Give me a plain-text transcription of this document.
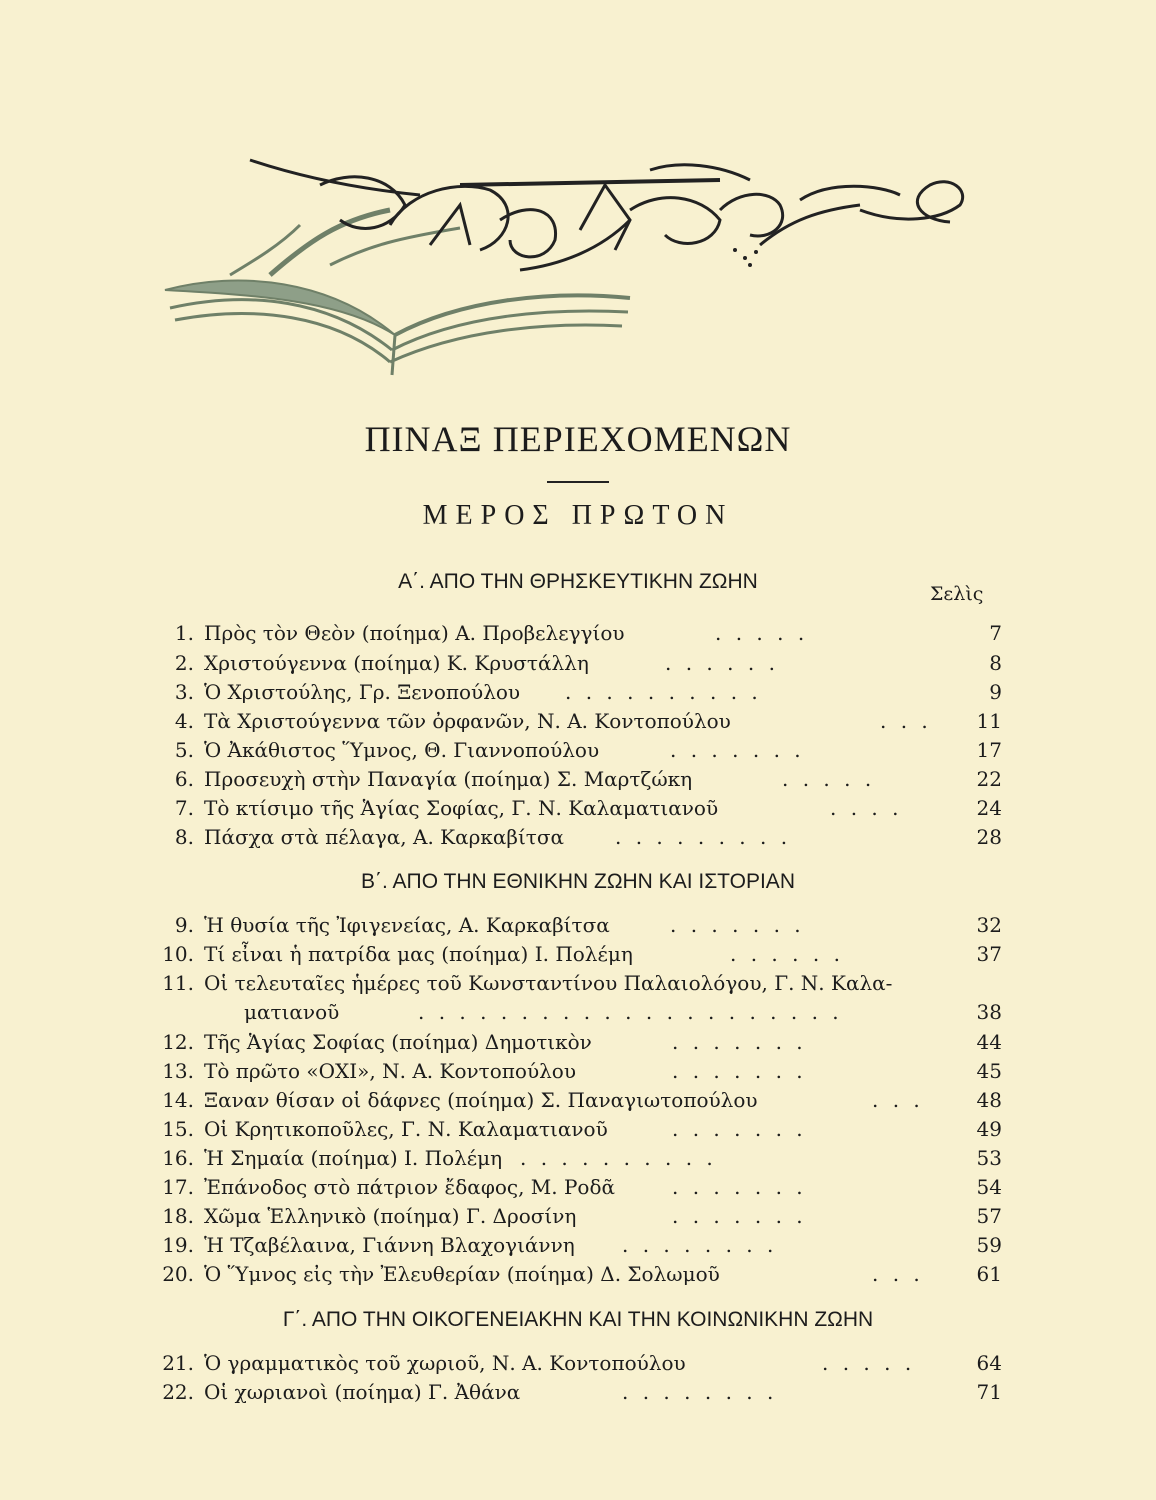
ΠΙΝΑΞ ΠΕΡΙΕΧΟΜΕΝΩΝ
ΜΕΡΟΣ ΠΡΩΤΟΝ
Α΄. ΑΠΟ ΤΗΝ ΘΡΗΣΚΕΥΤΙΚΗΝ ΖΩΗΝ
Σελὶς
1. Πρὸς τὸν Θεὸν (ποίημα) Α. Προβελεγγίου	. . . . .	7
2. Χριστούγεννα (ποίημα) Κ. Κρυστάλλη	. . . . . .	8
3. Ὁ Χριστούλης, Γρ. Ξενοπούλου . . . . . . . . . .	9
4. Τὰ Χριστούγεννα τῶν ὀρφανῶν, Ν. Α. Κοντοπούλου	. . .	11
5. Ὁ Ἀκάθιστος Ὕμνος, Θ. Γιαννοπούλου	. . . . . . .	17
6. Προσευχὴ στὴν Παναγία (ποίημα) Σ. Μαρτζώκη	. . . . .	22
7. Τὸ κτίσιμο τῆς Ἁγίας Σοφίας, Γ. Ν. Καλαματιανοῦ	. . . .	24
8. Πάσχα στὰ πέλαγα, Α. Καρκαβίτσα	. . . . . . . . .	28
Β΄. ΑΠΟ ΤΗΝ ΕΘΝΙΚΗΝ ΖΩΗΝ ΚΑΙ ΙΣΤΟΡΙΑΝ
9. Ἡ θυσία τῆς Ἰφιγενείας, Α. Καρκαβίτσα	. . . . . . .	32
10. Τί εἶναι ἡ πατρίδα μας (ποίημα) Ι. Πολέμη	. . . . . .	37
11. Οἱ τελευταῖες ἡμέρες τοῦ Κωνσταντίνου Παλαιολόγου, Γ. Ν. Καλα-
ματιανοῦ	. . . . . . . . . . . . . . . . . . . . .	38
12. Τῆς Ἁγίας Σοφίας (ποίημα) Δημοτικὸν	. . . . . . .	44
13. Τὸ πρῶτο «ΟΧΙ», Ν. Α. Κοντοπούλου	. . . . . . .	45
14. Ξαναν θίσαν οἱ δάφνες (ποίημα) Σ. Παναγιωτοπούλου	. . .	48
15. Οἱ Κρητικοποῦλες, Γ. Ν. Καλαματιανοῦ	. . . . . . .	49
16. Ἡ Σημαία (ποίημα) Ι. Πολέμη . . . . . . . . . .	53
17. Ἐπάνοδος στὸ πάτριον ἔδαφος, Μ. Ροδᾶ	. . . . . . .	54
18. Χῶμα Ἑλληνικὸ (ποίημα) Γ. Δροσίνη	. . . . . . .	57
19. Ἡ Τζαβέλαινα, Γιάννη Βλαχογιάννη . . . . . . . .	59
20. Ὁ Ὕμνος εἰς τὴν Ἐλευθερίαν (ποίημα) Δ. Σολωμοῦ	. . .	61
Γ΄. ΑΠΟ ΤΗΝ ΟΙΚΟΓΕΝΕΙΑΚΗΝ ΚΑΙ ΤΗΝ ΚΟΙΝΩΝΙΚΗΝ ΖΩΗΝ
21. Ὁ γραμματικὸς τοῦ χωριοῦ, Ν. Α. Κοντοπούλου	. . . . .	64
22. Οἱ χωριανοὶ (ποίημα) Γ. Ἀθάνα	. . . . . . . .	71
